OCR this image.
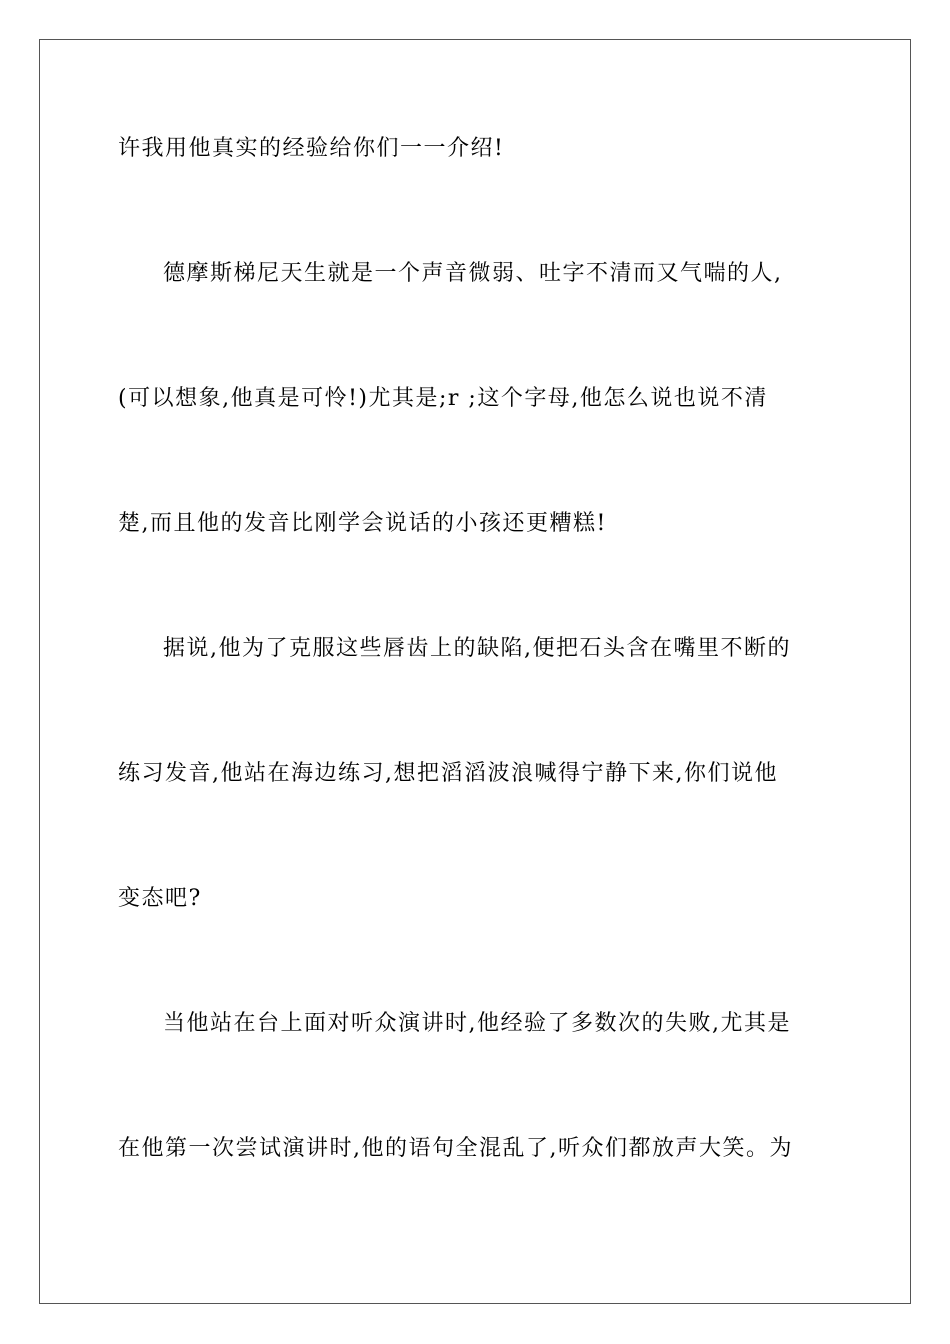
许我用他真实的经验给你们一一介绍!
德摩斯梯尼天生就是一个声音微弱、吐字不清而又气喘的人,
(可以想象,他真是可怜!)尤其是;r ;这个字母,他怎么说也说不清
楚,而且他的发音比刚学会说话的小孩还更糟糕!
据说,他为了克服这些唇齿上的缺陷,便把石头含在嘴里不断的
练习发音,他站在海边练习,想把滔滔波浪喊得宁静下来,你们说他
变态吧?
当他站在台上面对听众演讲时,他经验了多数次的失败,尤其是
在他第一次尝试演讲时,他的语句全混乱了,听众们都放声大笑。为
